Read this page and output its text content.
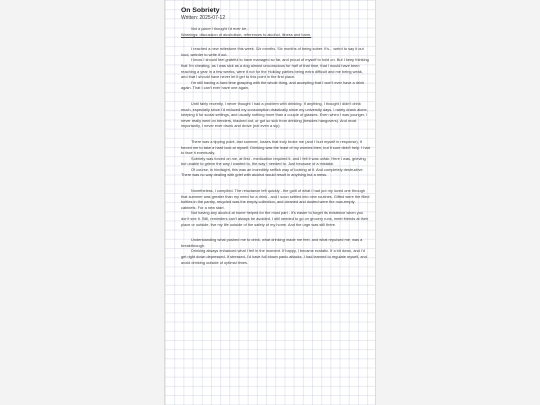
On Sobriety

Written: 2025-07-12

Not a place I thought I'd ever be...

Warnings: discussion of alcoholism, references to alcohol, illness and harm.

I reached a new milestone this week. Six months. Six months of being sober. It's... weird to say it out loud, weirder to write it out.

I know I should feel grateful to have managed so far, and proud of myself to hold on. But I keep thinking that I'm cheating, as I was sick as a dog almost unconscious for half of that time, that I would have been reaching a year in a few weeks, were it not for the Holiday parties being extra difficult and me being weak, and that I should have never let it get to this point in the first place.

I'm still having a hard time grasping with the whole thing, and accepting that I won't ever have a drink again. That I can't ever have one again.

Until fairly recently, I never thought I had a problem with drinking. If anything, I thought I didn't drink much, especially since I'd reduced my consumption drastically since my university days. I rarely drank alone, keeping it for social settings, and usually nothing more than a couple of glasses. Even when I was younger, I never really went on benders, blacked out, or got so sick from drinking (besides hangovers). And most importantly, I never ever drunk and drove (not even a sip).

There was a tipping point, last summer, losses that truly broke me (and I hurt myself in response). It forced me to take a hard look at myself. Drinking was the least of my worries then, but it sure didn't help. I had to face it eventually.

Sobriety was forced on me, at first - medication required it, and I felt it was unfair. Here I was, grieving but unable to grieve the way I wanted to, the way I needed to. Just because of a mistake.

Of course, in hindsight, this was an incredibly selfish way of looking at it. And completely destructive. There was no way dealing with grief with alcohol would result in anything but a mess.

Nonetheless, I complied. The reluctance left quickly - the guilt of what I had put my loved one through that summer was greater than my need for a drink - and I soon settled into new routines. Gifted were the filled bottles in the pantry, recycled was the empty collection, and cleaned and dusted were the now-empty cabinets. For a new start.

Not having any alcohol at home helped for the most part - it's easier to forget its existence when you don't see it. Still, reminders can't always be avoided. I still needed to go on grocery runs, meet friends at their place or outside, live my life outside of the safety of my home. And the urge was still there.

Understanding what pushed me to drink, what drinking made me feel, and what repulsed me, was a breakthrough.

Drinking always enhanced what I felt in the moment. If happy, I became ecstatic. If a bit down, and I'd get right down depressed. If stressed, I'd have full blown panic attacks. I had learned to regulate myself, and avoid drinking outside of optimal times.
